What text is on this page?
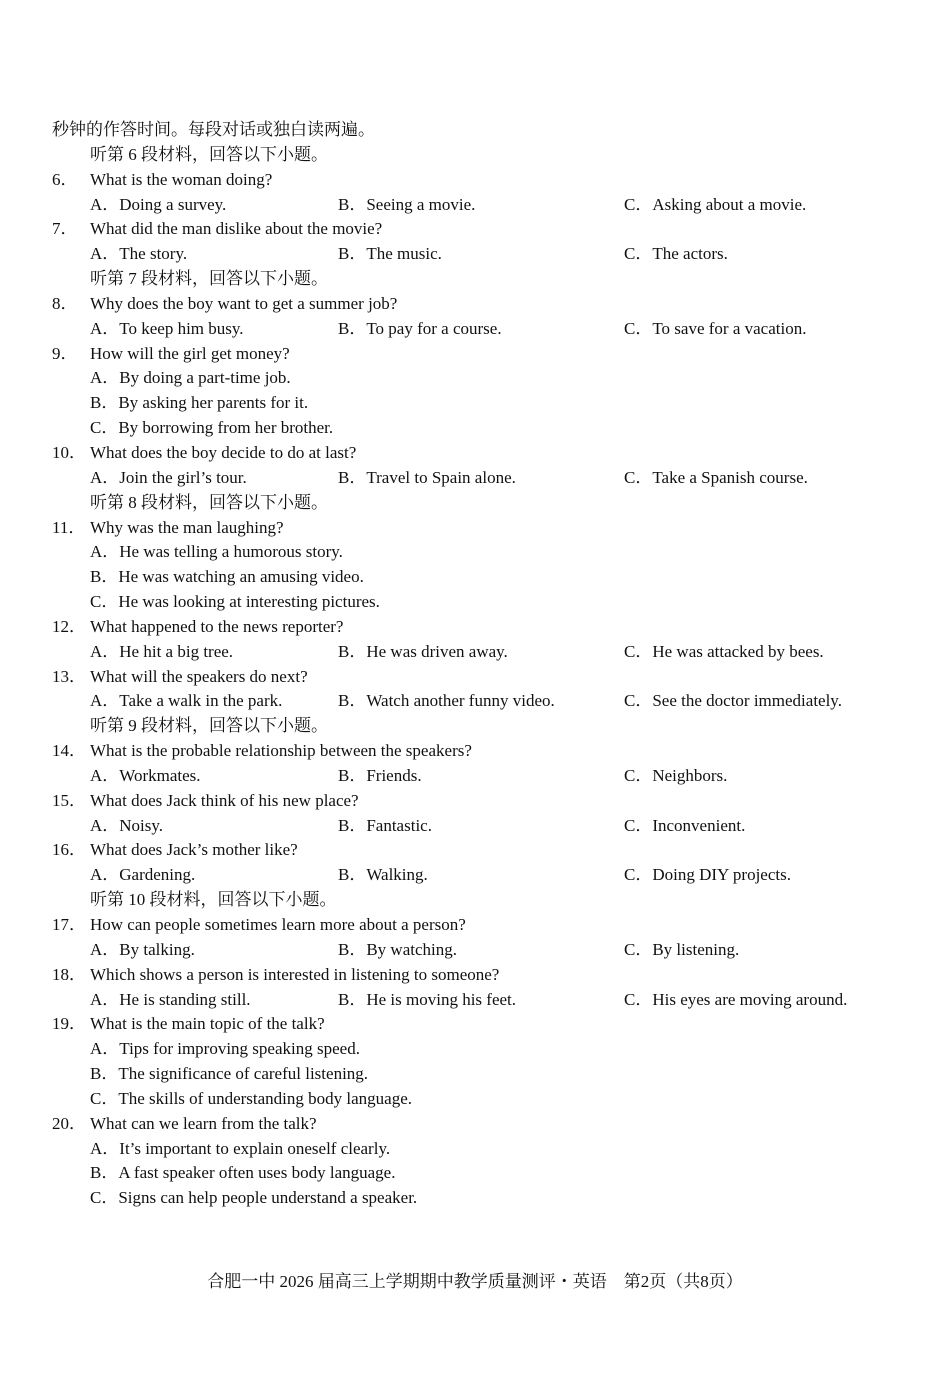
秒钟的作答时间。每段对话或独白读两遍。
听第 6 段材料，回答以下小题。
6． What is the woman doing?
A．Doing a survey.	B．Seeing a movie.	C．Asking about a movie.
7． What did the man dislike about the movie?
A．The story.	B．The music.	C．The actors.
听第 7 段材料，回答以下小题。
8． Why does the boy want to get a summer job?
A．To keep him busy.	B．To pay for a course.	C．To save for a vacation.
9． How will the girl get money?
A．By doing a part-time job.
B．By asking her parents for it.
C．By borrowing from her brother.
10． What does the boy decide to do at last?
A．Join the girl’s tour.	B．Travel to Spain alone.	C．Take a Spanish course.
听第 8 段材料，回答以下小题。
11． Why was the man laughing?
A．He was telling a humorous story.
B．He was watching an amusing video.
C．He was looking at interesting pictures.
12． What happened to the news reporter?
A．He hit a big tree.	B．He was driven away.	C．He was attacked by bees.
13． What will the speakers do next?
A．Take a walk in the park.	B．Watch another funny video.	C．See the doctor immediately.
听第 9 段材料，回答以下小题。
14． What is the probable relationship between the speakers?
A．Workmates.	B．Friends.	C．Neighbors.
15． What does Jack think of his new place?
A．Noisy.	B．Fantastic.	C．Inconvenient.
16． What does Jack’s mother like?
A．Gardening.	B．Walking.	C．Doing DIY projects.
听第 10 段材料，回答以下小题。
17． How can people sometimes learn more about a person?
A．By talking.	B．By watching.	C．By listening.
18． Which shows a person is interested in listening to someone?
A．He is standing still.	B．He is moving his feet.	C．His eyes are moving around.
19． What is the main topic of the talk?
A．Tips for improving speaking speed.
B．The significance of careful listening.
C．The skills of understanding body language.
20． What can we learn from the talk?
A．It’s important to explain oneself clearly.
B．A fast speaker often uses body language.
C．Signs can help people understand a speaker.
合肥一中 2026 届高三上学期期中教学质量测评・英语　第2页（共8页）
